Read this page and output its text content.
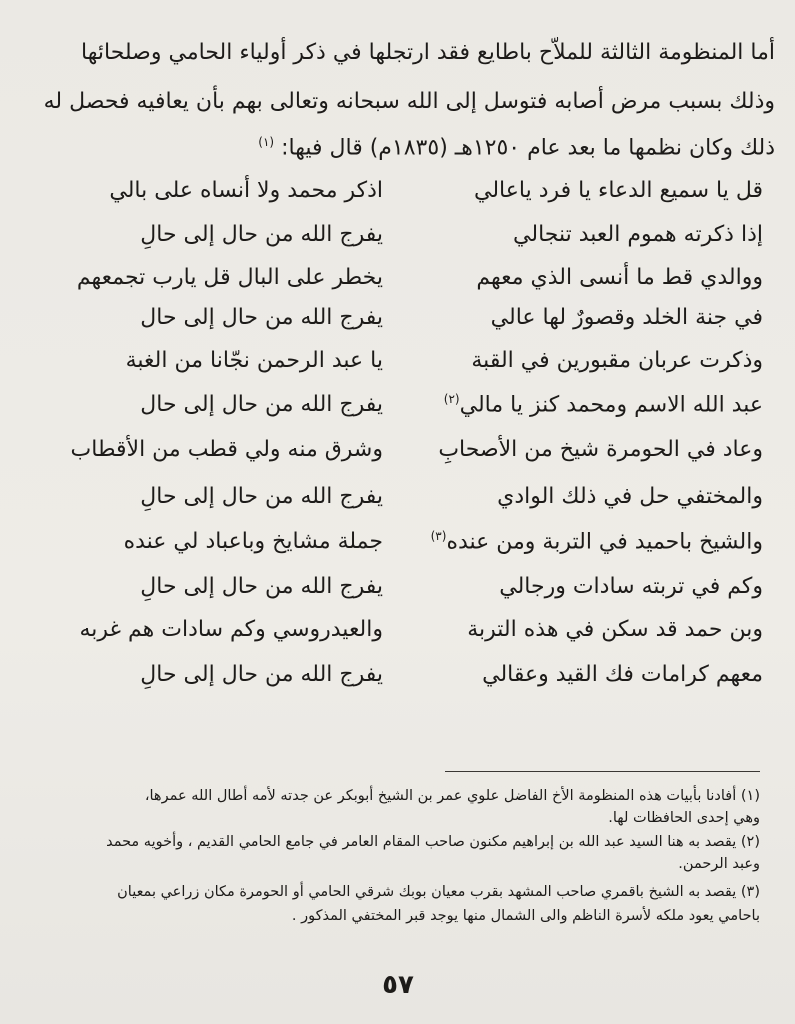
أما المنظومة الثالثة للملاّح باطايع فقد ارتجلها في ذكر أولياء الحامي وصلحائها
وذلك بسبب مرض أصابه فتوسل إلى الله سبحانه وتعالى بهم بأن يعافيه فحصل له
ذلك وكان نظمها ما بعد عام ١٢٥٠هـ (١٨٣٥م) قال فيها: $^{(١)}$
قل يا سميع الدعاء يا فرد ياعالي
إذا ذكرته هموم العبد تنجالي
ووالدي قط ما أنسى الذي معهم
في جنة الخلد وقصورٌ لها عالي
وذكرت عربان مقبورين في القبة
عبد الله الاسم ومحمد كنز يا مالي$^{(٢)}$
وعاد في الحومرة شيخ من الأصحابِ
والمختفي حل في ذلك الوادي
والشيخ باحميد في التربة ومن عنده$^{(٣)}$
وكم في تربته سادات ورجالي
وبن حمد قد سكن في هذه التربة
معهم كرامات فك القيد وعقالي
اذكر محمد ولا أنساه على بالي
يفرج الله من حال إلى حالِ
يخطر على البال قل يارب تجمعهم
يفرج الله من حال إلى حال
يا عبد الرحمن نجّانا من الغبة
يفرج الله من حال إلى حال
وشرق منه ولي قطب من الأقطاب
يفرج الله من حال إلى حالِ
جملة مشايخ وباعباد لي عنده
يفرج الله من حال إلى حالِ
والعيدروسي وكم سادات هم غربه
يفرج الله من حال إلى حالِ
(١) أفادنا بأبيات هذه المنظومة الأخ الفاضل علوي عمر بن الشيخ أبوبكر عن جدته لأمه أطال الله عمرها،
وهي إحدى الحافظات لها.
(٢) يقصد به هنا السيد عبد الله بن إبراهيم مكنون صاحب المقام العامر في جامع الحامي القديم ، وأخويه محمد
وعبد الرحمن.
(٣) يقصد به الشيخ باقمري صاحب المشهد بقرب معيان بوبك شرقي الحامي أو الحومرة مكان زراعي بمعيان
باحامي يعود ملكه لأسرة الناظم والى الشمال منها يوجد قبر المختفي المذكور .
٥٧
